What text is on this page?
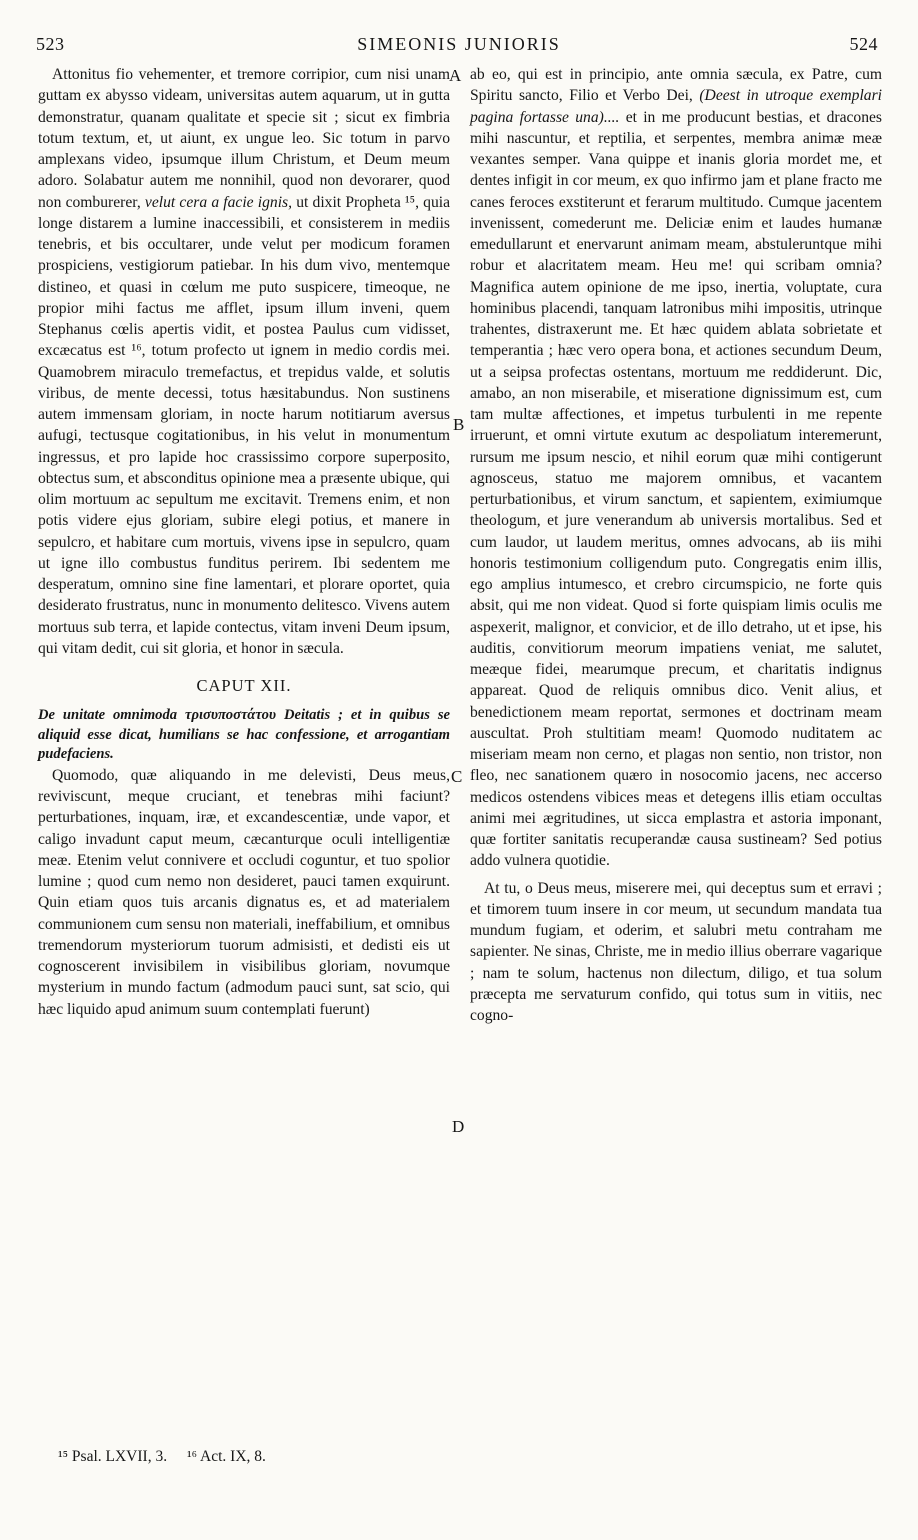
523	SIMEONIS JUNIORIS	524
A
B
C
D

Attonitus fio vehementer, et tremore corripior, cum nisi unam guttam ex abysso videam, universitas autem aquarum, ut in gutta demonstratur, quanam qualitate et specie sit ; sicut ex fimbria totum textum, et, ut aiunt, ex ungue leo. Sic totum in parvo amplexans video, ipsumque illum Christum, et Deum meum adoro. Solabatur autem me nonnihil, quod non devorarer, quod non comburerer, velut cera a facie ignis, ut dixit Propheta ¹⁵, quia longe distarem a lumine inaccessibili, et consisterem in mediis tenebris, et bis occultarer, unde velut per modicum foramen prospiciens, vestigiorum patiebar. In his dum vivo, mentemque distineo, et quasi in cœlum me puto suspicere, timeoque, ne propior mihi factus me afflet, ipsum illum inveni, quem Stephanus cœlis apertis vidit, et postea Paulus cum vidisset, excæcatus est ¹⁶, totum profecto ut ignem in medio cordis mei. Quamobrem miraculo tremefactus, et trepidus valde, et solutis viribus, de mente decessi, totus hæsitabundus. Non sustinens autem immensam gloriam, in nocte harum notitiarum aversus aufugi, tectusque cogitationibus, in his velut in monumentum ingressus, et pro lapide hoc crassissimo corpore superposito, obtectus sum, et absconditus opinione mea a præsente ubique, qui olim mortuum ac sepultum me excitavit. Tremens enim, et non potis videre ejus gloriam, subire elegi potius, et manere in sepulcro, et habitare cum mortuis, vivens ipse in sepulcro, quam ut igne illo combustus funditus perirem. Ibi sedentem me desperatum, omnino sine fine lamentari, et plorare oportet, quia desiderato frustratus, nunc in monumento delitesco. Vivens autem mortuus sub terra, et lapide contectus, vitam inveni Deum ipsum, qui vitam dedit, cui sit gloria, et honor in sæcula.

CAPUT XII.

De unitate omnimoda τρισυποστάτου Deitatis ; et in quibus se aliquid esse dicat, humilians se hac confessione, et arrogantiam pudefaciens.

Quomodo, quæ aliquando in me delevisti, Deus meus, reviviscunt, meque cruciant, et tenebras mihi faciunt? perturbationes, inquam, iræ, et excandescentiæ, unde vapor, et caligo invadunt caput meum, cæcanturque oculi intelligentiæ meæ. Etenim velut connivere et occludi coguntur, et tuo spolior lumine ; quod cum nemo non desideret, pauci tamen exquirunt. Quin etiam quos tuis arcanis dignatus es, et ad materialem communionem cum sensu non materiali, ineffabilium, et omnibus tremendorum mysteriorum tuorum admisisti, et dedisti eis ut cognoscerent invisibilem in visibilibus gloriam, novumque mysterium in mundo factum (admodum pauci sunt, sat scio, qui hæc liquido apud animum suum contemplati fuerunt)

ab eo, qui est in principio, ante omnia sæcula, ex Patre, cum Spiritu sancto, Filio et Verbo Dei, (Deest in utroque exemplari pagina fortasse una).... et in me producunt bestias, et dracones mihi nascuntur, et reptilia, et serpentes, membra animæ meæ vexantes semper. Vana quippe et inanis gloria mordet me, et dentes infigit in cor meum, ex quo infirmo jam et plane fracto me canes feroces exstiterunt et ferarum multitudo. Cumque jacentem invenissent, comederunt me. Deliciæ enim et laudes humanæ emedullarunt et enervarunt animam meam, abstuleruntque mihi robur et alacritatem meam. Heu me! qui scribam omnia? Magnifica autem opinione de me ipso, inertia, voluptate, cura hominibus placendi, tanquam latronibus mihi impositis, utrinque trahentes, distraxerunt me. Et hæc quidem ablata sobrietate et temperantia ; hæc vero opera bona, et actiones secundum Deum, ut a seipsa profectas ostentans, mortuum me reddiderunt. Dic, amabo, an non miserabile, et miseratione dignissimum est, cum tam multæ affectiones, et impetus turbulenti in me repente irruerunt, et omni virtute exutum ac despoliatum interemerunt, rursum me ipsum nescio, et nihil eorum quæ mihi contigerunt agnosceus, statuo me majorem omnibus, et vacantem perturbationibus, et virum sanctum, et sapientem, eximiumque theologum, et jure venerandum ab universis mortalibus. Sed et cum laudor, ut laudem meritus, omnes advocans, ab iis mihi honoris testimonium colligendum puto. Congregatis enim illis, ego amplius intumesco, et crebro circumspicio, ne forte quis absit, qui me non videat. Quod si forte quispiam limis oculis me aspexerit, malignor, et convicior, et de illo detraho, ut et ipse, his auditis, convitiorum meorum impatiens veniat, me salutet, meæque fidei, mearumque precum, et charitatis indignus appareat. Quod de reliquis omnibus dico. Venit alius, et benedictionem meam reportat, sermones et doctrinam meam auscultat. Proh stultitiam meam! Quomodo nuditatem ac miseriam meam non cerno, et plagas non sentio, non tristor, non fleo, nec sanationem quæro in nosocomio jacens, nec accerso medicos ostendens vibices meas et detegens illis etiam occultas animi mei ægritudines, ut sicca emplastra et astoria imponant, quæ fortiter sanitatis recuperandæ causa sustineam? Sed potius addo vulnera quotidie.

At tu, o Deus meus, miserere mei, qui deceptus sum et erravi ; et timorem tuum insere in cor meum, ut secundum mandata tua mundum fugiam, et oderim, et salubri metu contraham me sapienter. Ne sinas, Christe, me in medio illius oberrare vagarique ; nam te solum, hactenus non dilectum, diligo, et tua solum præcepta me servaturum confido, qui totus sum in vitiis, nec cogno-

¹⁵ Psal. LXVII, 3. ¹⁶ Act. IX, 8.
